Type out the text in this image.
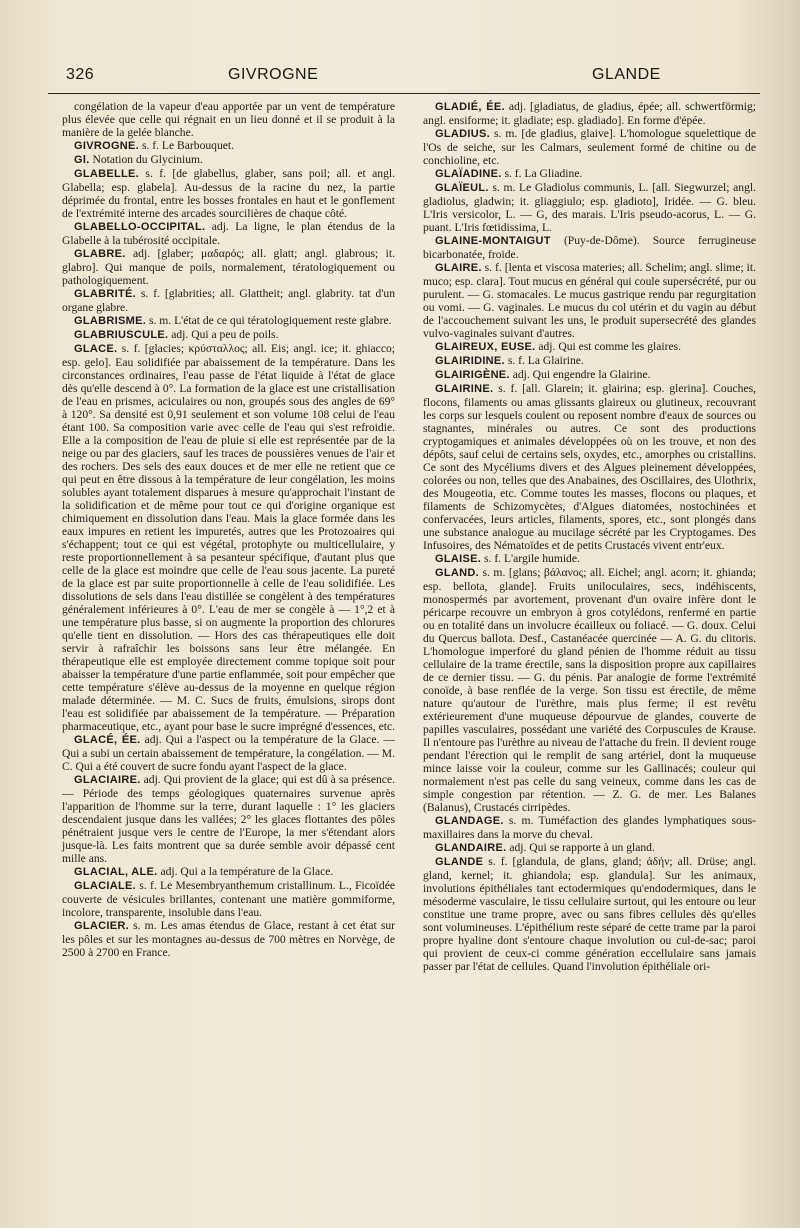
326	GIVROGNE	GLANDE

congélation de la vapeur d'eau apportée par un vent de température plus élevée que celle qui régnait en un lieu donné et il se produit à la manière de la gelée blanche.

GIVROGNE. s. f. Le Barbouquet.

Gl. Notation du Glycinium.

GLABELLE. s. f. [de glabellus, glaber, sans poil; all. et angl. Glabella; esp. glabela]. Au-dessus de la racine du nez, la partie déprimée du frontal, entre les bosses frontales en haut et le gonflement de l'extrémité interne des arcades sourcilières de chaque côté.

GLABELLO-OCCIPITAL. adj. La ligne, le plan étendus de la Glabelle à la tubérosité occipitale.

GLABRE. adj. [glaber; μαδαρός; all. glatt; angl. glabrous; it. glabro]. Qui manque de poils, normalement, tératologiquement ou pathologiquement.

GLABRITÉ. s. f. [glabrities; all. Glattheit; angl. glabrity. tat d'un organe glabre.

GLABRISME. s. m. L'état de ce qui tératologiquement reste glabre.

GLABRIUSCULE. adj. Qui a peu de poils.

GLACE. s. f. [glacies; κρύσταλλος; all. Eis; angl. ice; it. ghiacco; esp. gelo]. Eau solidifiée par abaissement de la température. Dans les circonstances ordinaires, l'eau passe de l'état liquide à l'état de glace dès qu'elle descend à 0°. La formation de la glace est une cristallisation de l'eau en prismes, aciculaires ou non, groupés sous des angles de 69° à 120°. Sa densité est 0,91 seulement et son volume 108 celui de l'eau étant 100. Sa composition varie avec celle de l'eau qui s'est refroidie. Elle a la composition de l'eau de pluie si elle est représentée par de la neige ou par des glaciers, sauf les traces de poussières venues de l'air et des rochers. Des sels des eaux douces et de mer elle ne retient que ce qui peut en être dissous à la température de leur congélation, les moins solubles ayant totalement disparues à mesure qu'approchait l'instant de la solidification et de même pour tout ce qui d'origine organique est chimiquement en dissolution dans l'eau. Mais la glace formée dans les eaux impures en retient les impuretés, autres que les Protozoaires qui s'échappent; tout ce qui est végétal, protophyte ou multicellulaire, y reste proportionnellement à sa pesanteur spécifique, d'autant plus que celle de la glace est moindre que celle de l'eau sous jacente. La pureté de la glace est par suite proportionnelle à celle de l'eau solidifiée. Les dissolutions de sels dans l'eau distillée se congèlent à des températures généralement inférieures à 0°. L'eau de mer se congèle à — 1°,2 et à une température plus basse, si on augmente la proportion des chlorures qu'elle tient en dissolution. — Hors des cas thérapeutiques elle doit servir à rafraîchir les boissons sans leur être mélangée. En thérapeutique elle est employée directement comme topique soit pour abaisser la température d'une partie enflammée, soit pour empêcher que cette température s'élève au-dessus de la moyenne en quelque région malade déterminée. — M. C. Sucs de fruits, émulsions, sirops dont l'eau est solidifiée par abaissement de la température. — Préparation pharmaceutique, etc., ayant pour base le sucre imprégné d'essences, etc.

GLACÉ, ÉE. adj. Qui a l'aspect ou la température de la Glace. — Qui a subi un certain abaissement de température, la congélation. — M. C. Qui a été couvert de sucre fondu ayant l'aspect de la glace.

GLACIAIRE. adj. Qui provient de la glace; qui est dû à sa présence. — Période des temps géologiques quaternaires survenue après l'apparition de l'homme sur la terre, durant laquelle : 1° les glaciers descendaient jusque dans les vallées; 2° les glaces flottantes des pôles pénétraient jusque vers le centre de l'Europe, la mer s'étendant alors jusque-là. Les faits montrent que sa durée semble avoir dépassé cent mille ans.

GLACIAL, ALE. adj. Qui a la température de la Glace.

GLACIALE. s. f. Le Mesembryanthemum cristallinum. L., Ficoïdée couverte de vésicules brillantes, contenant une matière gommiforme, incolore, transparente, insoluble dans l'eau.

GLACIER. s. m. Les amas étendus de Glace, restant à cet état sur les pôles et sur les montagnes au-dessus de 700 mètres en Norvège, de 2500 à 2700 en France.

GLADIÉ, ÉE. adj. [gladiatus, de gladius, épée; all. schwertförmig; angl. ensiforme; it. gladiate; esp. gladiado]. En forme d'épée.

GLADIUS. s. m. [de gladius, glaive]. L'homologue squelettique de l'Os de seiche, sur les Calmars, seulement formé de chitine ou de conchioline, etc.

GLAÏADINE. s. f. La Gliadine.

GLAÏEUL. s. m. Le Gladiolus communis, L. [all. Siegwurzel; angl. gladiolus, gladwin; it. gliaggiulo; esp. gladioto], Iridée. — G. bleu. L'Iris versicolor, L. — G, des marais. L'Iris pseudo-acorus, L. — G. puant. L'Iris fœtidissima, L.

GLAINE-MONTAIGUT (Puy-de-Dôme). Source ferrugineuse bicarbonatée, froide.

GLAIRE. s. f. [lenta et viscosa materies; all. Schelim; angl. slime; it. muco; esp. clara]. Tout mucus en général qui coule supersécrété, pur ou purulent. — G. stomacales. Le mucus gastrique rendu par regurgitation ou vomi. — G. vaginales. Le mucus du col utérin et du vagin au début de l'accouchement suivant les uns, le produit supersecrété des glandes vulvo-vaginales suivant d'autres.

GLAIREUX, EUSE. adj. Qui est comme les glaires.

GLAIRIDINE. s. f. La Glairine.

GLAIRIGÈNE. adj. Qui engendre la Glairine.

GLAIRINE. s. f. [all. Glarein; it. glairina; esp. glerina]. Couches, flocons, filaments ou amas glissants glaireux ou glutineux, recouvrant les corps sur lesquels coulent ou reposent nombre d'eaux de sources ou stagnantes, minérales ou autres. Ce sont des productions cryptogamiques et animales développées où on les trouve, et non des dépôts, sauf celui de certains sels, oxydes, etc., amorphes ou cristallins. Ce sont des Mycéliums divers et des Algues pleinement développées, colorées ou non, telles que des Anabaines, des Oscillaires, des Ulothrix, des Mougeotia, etc. Comme toutes les masses, flocons ou plaques, et filaments de Schizomycètes, d'Algues diatomées, nostochinées et confervacées, leurs articles, filaments, spores, etc., sont plongés dans une substance analogue au mucilage sécrété par les Cryptogames. Des Infusoires, des Nématoïdes et de petits Crustacés vivent entr'eux.

GLAISE. s. f. L'argile humide.

GLAND. s. m. [glans; βάλανος; all. Eichel; angl. acorn; it. ghianda; esp. bellota, glande]. Fruits uniloculaires, secs, indéhiscents, monospermés par avortement, provenant d'un ovaire infère dont le péricarpe recouvre un embryon à gros cotylédons, renfermé en partie ou en totalité dans un involucre écailleux ou foliacé. — G. doux. Celui du Quercus ballota. Desf., Castanéacée quercinée — A. G. du clitoris. L'homologue imperforé du gland pénien de l'homme réduit au tissu cellulaire de la trame érectile, sans la disposition propre aux capillaires de ce dernier tissu. — G. du pénis. Par analogie de forme l'extrémité conoïde, à base renflée de la verge. Son tissu est érectile, de même nature qu'autour de l'urèthre, mais plus ferme; il est revêtu extérieurement d'une muqueuse dépourvue de glandes, couverte de papilles vasculaires, possédant une variété des Corpuscules de Krause. Il n'entoure pas l'urèthre au niveau de l'attache du frein. Il devient rouge pendant l'érection qui le remplit de sang artériel, dont la muqueuse mince laisse voir la couleur, comme sur les Gallinacés; couleur qui normalement n'est pas celle du sang veineux, comme dans les cas de simple congestion par rétention. — Z. G. de mer. Les Balanes (Balanus), Crustacés cirripèdes.

GLANDAGE. s. m. Tuméfaction des glandes lymphatiques sous-maxillaires dans la morve du cheval.

GLANDAIRE. adj. Qui se rapporte à un gland.

GLANDE s. f. [glandula, de glans, gland; ἀδήν; all. Drüse; angl. gland, kernel; it. ghiandola; esp. glandula]. Sur les animaux, involutions épithéliales tant ectodermiques qu'endodermiques, dans le mésoderme vasculaire, le tissu cellulaire surtout, qui les entoure ou leur constitue une trame propre, avec ou sans fibres cellules dès qu'elles sont volumineuses. L'épithélium reste séparé de cette trame par la paroi propre hyaline dont s'entoure chaque involution ou cul-de-sac; paroi qui provient de ceux-ci comme génération eccellulaire sans jamais passer par l'état de cellules. Quand l'involution épithéliale ori-
